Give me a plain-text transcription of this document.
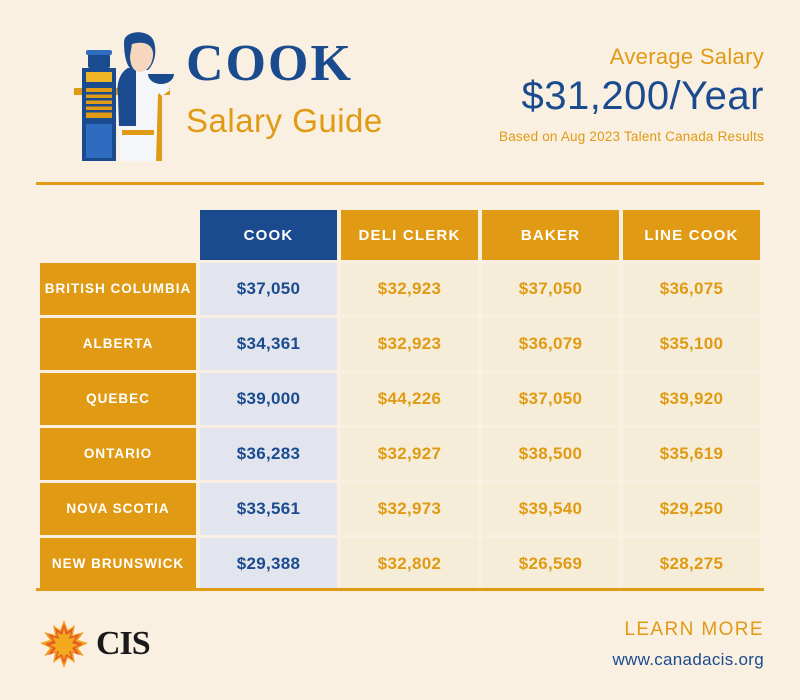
COOK
Salary Guide
Average Salary
$31,200/Year
Based on Aug 2023 Talent Canada Results
	COOK	DELI CLERK	BAKER	LINE COOK
BRITISH COLUMBIA	$37,050	$32,923	$37,050	$36,075
ALBERTA	$34,361	$32,923	$36,079	$35,100
QUEBEC	$39,000	$44,226	$37,050	$39,920
ONTARIO	$36,283	$32,927	$38,500	$35,619
NOVA SCOTIA	$33,561	$32,973	$39,540	$29,250
NEW BRUNSWICK	$29,388	$32,802	$26,569	$28,275
CIS	LEARN MORE
www.canadacis.org
